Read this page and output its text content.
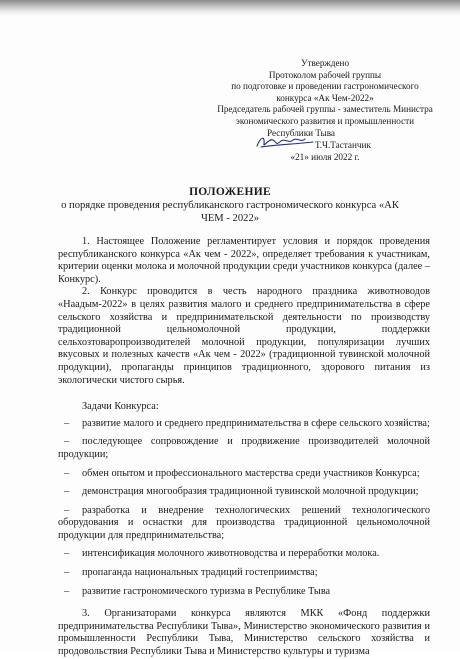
Утверждено
Протоколом рабочей группы
по подготовке и проведении гастрономического
конкурса «Ак Чем-2022»
Председатель рабочей группы - заместитель Министра
экономического развития и промышленности
Республики Тыва
Т.Ч.Тастанчик
«21» июля 2022 г.
ПОЛОЖЕНИЕ
о порядке проведения республиканского гастрономического конкурса «АК ЧЕМ - 2022»

1. Настоящее Положение регламентирует условия и порядок проведения республиканского конкурса «Ак чем - 2022», определяет требования к участникам, критерии оценки молока и молочной продукции среди участников конкурса (далее – Конкурс).

2. Конкурс проводится в честь народного праздника животноводов «Наадым-2022» в целях развития малого и среднего предпринимательства в сфере сельского хозяйства и предпринимательской деятельности по производству традиционной цельномолочной продукции, поддержки сельхозтоваропроизводителей молочной продукции, популяризации лучших вкусовых и полезных качеств «Ак чем - 2022» (традиционной тувинской молочной продукции), пропаганды принципов традиционного, здорового питания из экологически чистого сырья.

Задачи Конкурса:

– развитие малого и среднего предпринимательства в сфере сельского хозяйства;
– последующее сопровождение и продвижение производителей молочной продукции;
– обмен опытом и профессионального мастерства среди участников Конкурса;
– демонстрация многообразия традиционной тувинской молочной продукции;
– разработка и внедрение технологических решений технологического оборудования и оснастки для производства традиционной цельномолочной продукции для предпринимательства;
– интенсификация молочного животноводства и переработки молока.
– пропаганда национальных традиций гостеприимства;
– развитие гастрономического туризма в Республике Тыва

3. Организаторами конкурса являются МКК «Фонд поддержки предпринимательства Республики Тыва», Министерство экономического развития и промышленности Республики Тыва, Министерство сельского хозяйства и продовольствия Республики Тыва и Министерство культуры и туризма
